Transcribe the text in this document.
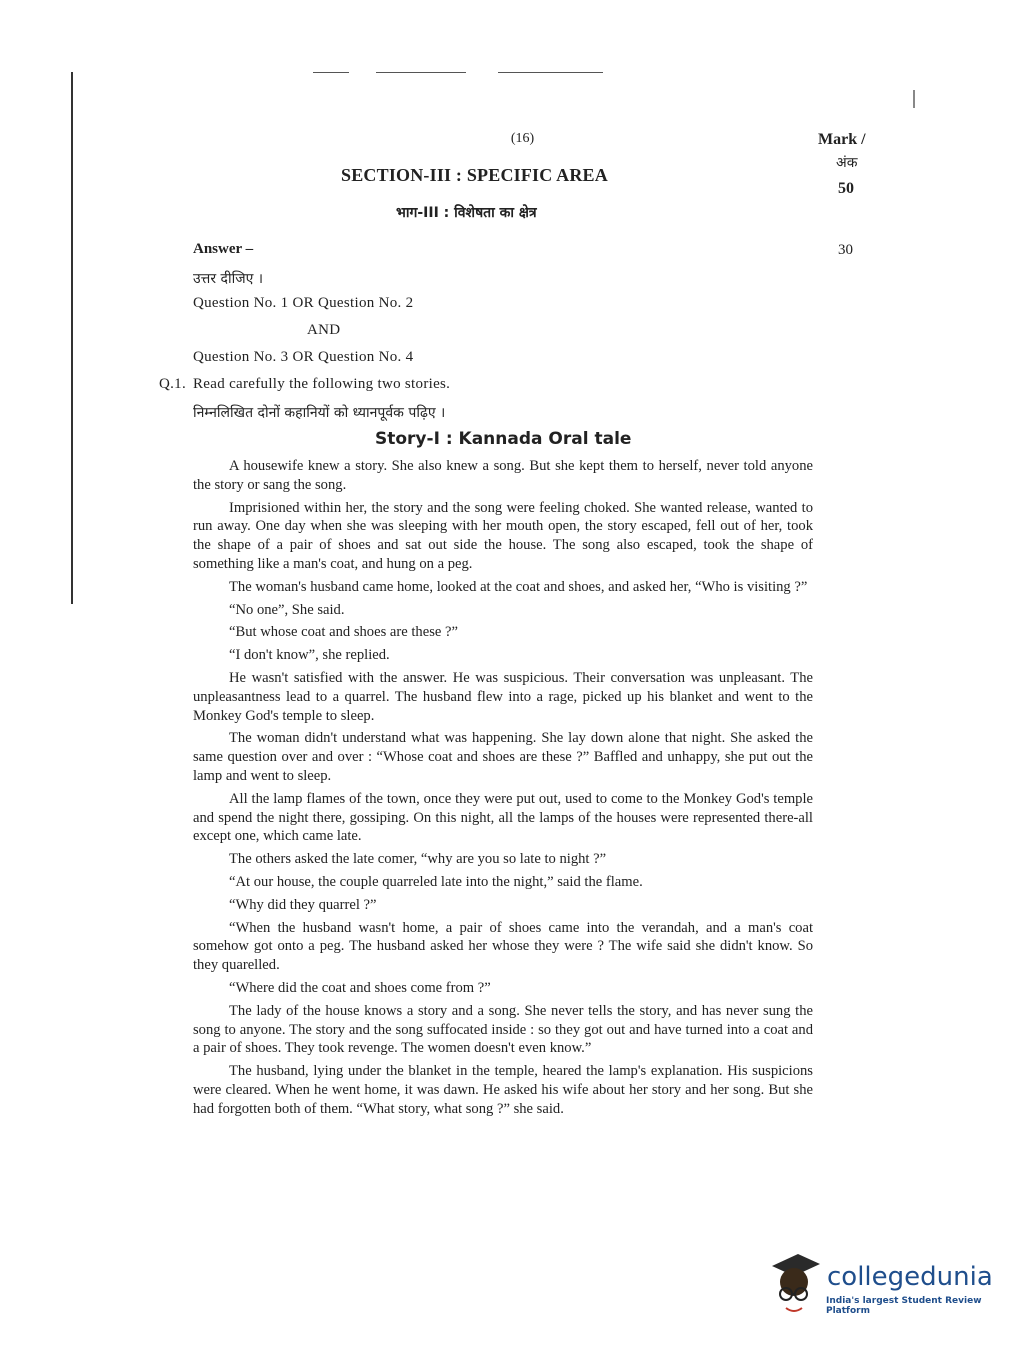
(16)	Mark /
अंक
50
SECTION-III : SPECIFIC AREA
भाग-III : विशेषता का क्षेत्र
Answer –	30
उत्तर दीजिए ।
Question No. 1 OR Question No. 2
AND
Question No. 3 OR Question No. 4
Q.1. Read carefully the following two stories.
निम्नलिखित दोनों कहानियों को ध्यानपूर्वक पढ़िए ।
Story-I : Kannada Oral tale

A housewife knew a story. She also knew a song. But she kept them to herself, never told anyone the story or sang the song.

Imprisioned within her, the story and the song were feeling choked. She wanted release, wanted to run away. One day when she was sleeping with her mouth open, the story escaped, fell out of her, took the shape of a pair of shoes and sat out side the house. The song also escaped, took the shape of something like a man's coat, and hung on a peg.

The woman's husband came home, looked at the coat and shoes, and asked her, “Who is visiting ?”

“No one”, She said.

“But whose coat and shoes are these ?”

“I don't know”, she replied.

He wasn't satisfied with the answer. He was suspicious. Their conversation was unpleasant. The unpleasantness lead to a quarrel. The husband flew into a rage, picked up his blanket and went to the Monkey God's temple to sleep.

The woman didn't understand what was happening. She lay down alone that night. She asked the same question over and over : “Whose coat and shoes are these ?” Baffled and unhappy, she put out the lamp and went to sleep.

All the lamp flames of the town, once they were put out, used to come to the Monkey God's temple and spend the night there, gossiping. On this night, all the lamps of the houses were represented there-all except one, which came late.

The others asked the late comer, “why are you so late to night ?”

“At our house, the couple quarreled late into the night,” said the flame.

“Why did they quarrel ?”

“When the husband wasn't home, a pair of shoes came into the verandah, and a man's coat somehow got onto a peg. The husband asked her whose they were ? The wife said she didn't know. So they quarelled.

“Where did the coat and shoes come from ?”

The lady of the house knows a story and a song. She never tells the story, and has never sung the song to anyone. The story and the song suffocated inside : so they got out and have turned into a coat and a pair of shoes. They took revenge. The women doesn't even know.”

The husband, lying under the blanket in the temple, heared the lamp's explanation. His suspicions were cleared. When he went home, it was dawn. He asked his wife about her story and her song. But she had forgotten both of them. “What story, what song ?” she said.

collegedunia
India's largest Student Review Platform
